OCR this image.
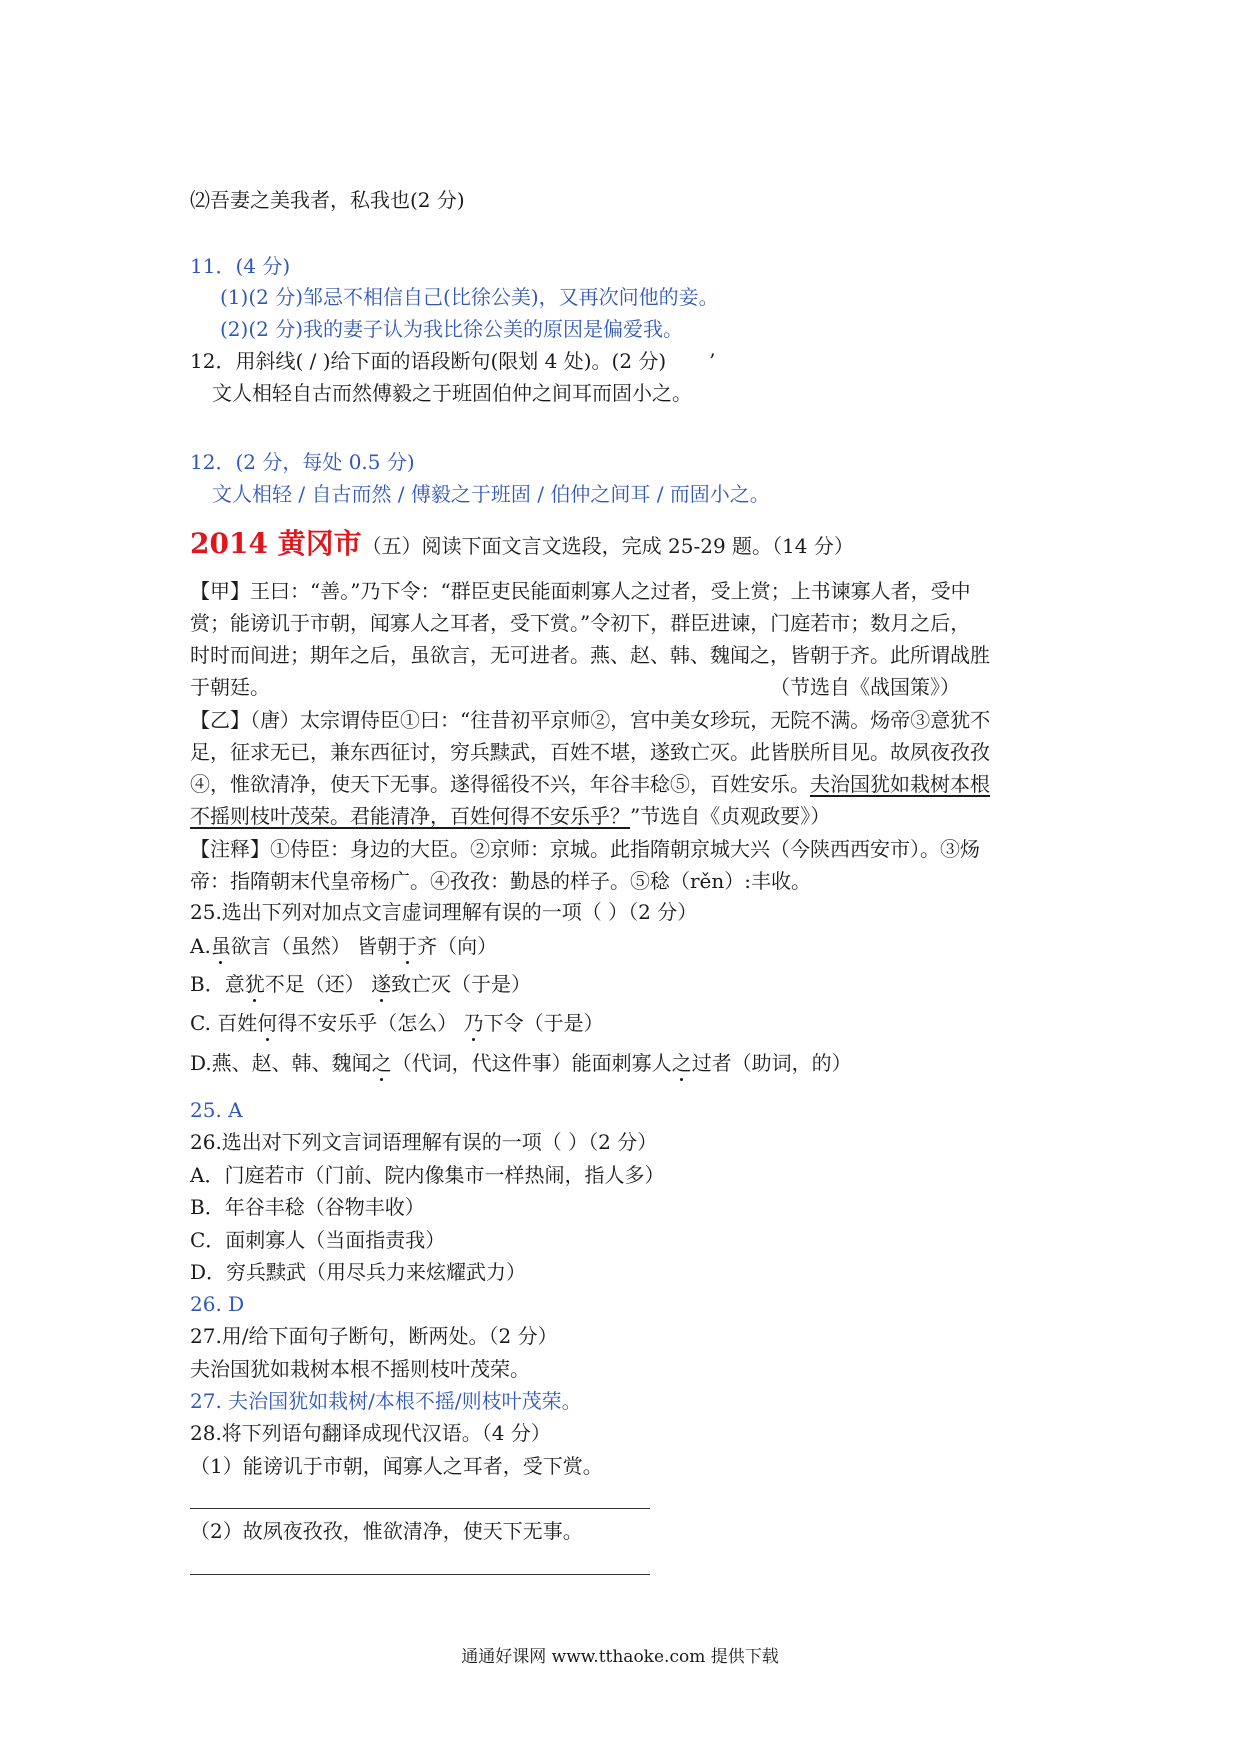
⑵吾妻之美我者，私我也(2 分)
11．(4 分)
(1)(2 分)邹忌不相信自己(比徐公美)，又再次问他的妾。
(2)(2 分)我的妻子认为我比徐公美的原因是偏爱我。
12．用斜线( / )给下面的语段断句(限划 4 处)。(2 分) ’
文人相轻自古而然傅毅之于班固伯仲之间耳而固小之。
12．(2 分，每处 0.5 分)
文人相轻 / 自古而然 / 傅毅之于班固 / 伯仲之间耳 / 而固小之。
2014 黄冈市（五）阅读下面文言文选段，完成 25-29 题。（14 分）
【甲】王曰：“善。”乃下令：“群臣吏民能面刺寡人之过者，受上赏；上书谏寡人者，受中
赏；能谤讥于市朝，闻寡人之耳者，受下赏。”令初下，群臣进谏，门庭若市；数月之后，
时时而间进；期年之后，虽欲言，无可进者。燕、赵、韩、魏闻之，皆朝于齐。此所谓战胜
于朝廷。	（节选自《战国策》）
【乙】（唐）太宗谓侍臣①曰：“往昔初平京师②，宫中美女珍玩，无院不满。炀帝③意犹不
足，征求无已，兼东西征讨，穷兵黩武，百姓不堪，遂致亡灭。此皆朕所目见。故夙夜孜孜
④，惟欲清净，使天下无事。遂得徭役不兴，年谷丰稔⑤，百姓安乐。夫治国犹如栽树本根
不摇则枝叶茂荣。君能清净，百姓何得不安乐乎？”节选自《贞观政要》）
【注释】①侍臣：身边的大臣。②京师：京城。此指隋朝京城大兴（今陕西西安市）。③炀
帝：指隋朝末代皇帝杨广。④孜孜：勤恳的样子。⑤稔（rěn）:丰收。
25.选出下列对加点文言虚词理解有误的一项（ ）（2 分）
A.虽欲言（虽然） 皆朝于齐（向）
B．意犹不足（还） 遂致亡灭（于是）
C. 百姓何得不安乐乎（怎么） 乃下令（于是）
D.燕、赵、韩、魏闻之（代词，代这件事）能面刺寡人之过者（助词，的）
25. A
26.选出对下列文言词语理解有误的一项（ ）（2 分）
A．门庭若市（门前、院内像集市一样热闹，指人多）
B．年谷丰稔（谷物丰收）
C．面刺寡人（当面指责我）
D．穷兵黩武（用尽兵力来炫耀武力）
26. D
27.用/给下面句子断句，断两处。（2 分）
夫治国犹如栽树本根不摇则枝叶茂荣。
27. 夫治国犹如栽树/本根不摇/则枝叶茂荣。
28.将下列语句翻译成现代汉语。（4 分）
（1）能谤讥于市朝，闻寡人之耳者，受下赏。
（2）故夙夜孜孜，惟欲清净，使天下无事。
通通好课网 www.tthaoke.com 提供下载
